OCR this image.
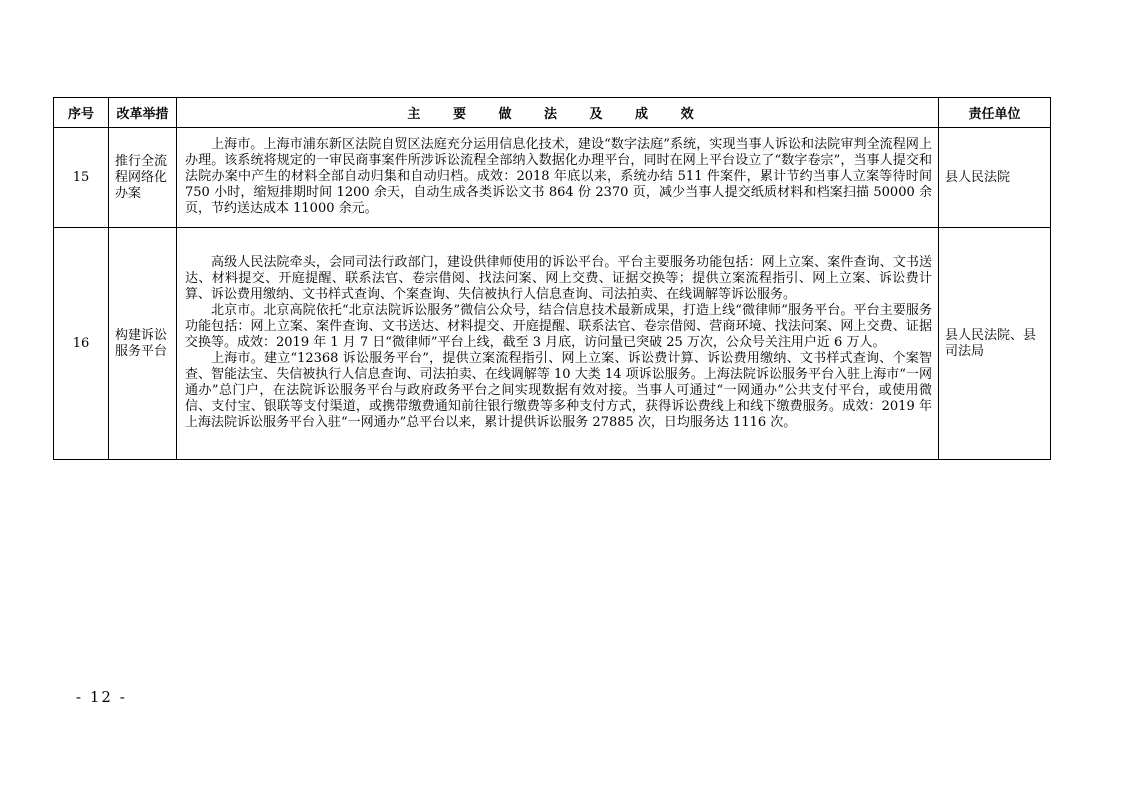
序号	改革举措	主 要 做 法 及 成 效	责任单位
15	推行全流程网络化办案	上海市。上海市浦东新区法院自贸区法庭充分运用信息化技术，建设“数字法庭”系统，实现当事人诉讼和法院审判全流程网上办理。该系统将规定的一审民商事案件所涉诉讼流程全部纳入数据化办理平台，同时在网上平台设立了“数字卷宗”，当事人提交和法院办案中产生的材料全部自动归集和自动归档。成效：2018 年底以来，系统办结 511 件案件，累计节约当事人立案等待时间 750 小时，缩短排期时间 1200 余天，自动生成各类诉讼文书 864 份 2370 页，减少当事人提交纸质材料和档案扫描 50000 余页，节约送达成本 11000 余元。	县人民法院
16	构建诉讼服务平台	高级人民法院牵头，会同司法行政部门，建设供律师使用的诉讼平台。平台主要服务功能包括：网上立案、案件查询、文书送达、材料提交、开庭提醒、联系法官、卷宗借阅、找法问案、网上交费、证据交换等；提供立案流程指引、网上立案、诉讼费计算、诉讼费用缴纳、文书样式查询、个案查询、失信被执行人信息查询、司法拍卖、在线调解等诉讼服务。

北京市。北京高院依托“北京法院诉讼服务”微信公众号，结合信息技术最新成果，打造上线“微律师”服务平台。平台主要服务功能包括：网上立案、案件查询、文书送达、材料提交、开庭提醒、联系法官、卷宗借阅、营商环境、找法问案、网上交费、证据交换等。成效：2019 年 1 月 7 日“微律师”平台上线，截至 3 月底，访问量已突破 25 万次，公众号关注用户近 6 万人。

上海市。建立“12368 诉讼服务平台”，提供立案流程指引、网上立案、诉讼费计算、诉讼费用缴纳、文书样式查询、个案智查、智能法宝、失信被执行人信息查询、司法拍卖、在线调解等 10 大类 14 项诉讼服务。上海法院诉讼服务平台入驻上海市“一网通办”总门户，在法院诉讼服务平台与政府政务平台之间实现数据有效对接。当事人可通过“一网通办”公共支付平台，或使用微信、支付宝、银联等支付渠道，或携带缴费通知前往银行缴费等多种支付方式，获得诉讼费线上和线下缴费服务。成效：2019 年上海法院诉讼服务平台入驻“一网通办”总平台以来，累计提供诉讼服务 27885 次，日均服务达 1116 次。	县人民法院、县司法局
- 12 -
